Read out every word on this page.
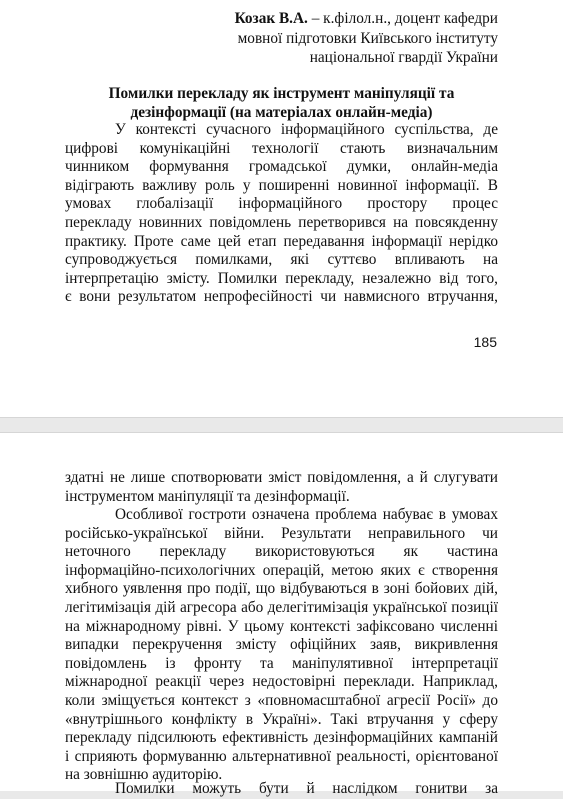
Козак В.А. – к.філол.н., доцент кафедри
мовної підготовки Київського інституту
національної гвардії України
Помилки перекладу як інструмент маніпуляції та
дезінформації (на матеріалах онлайн-медіа)
У контексті сучасного інформаційного суспільства, де
цифрові комунікаційні технології стають визначальним
чинником формування громадської думки, онлайн-медіа
відіграють важливу роль у поширенні новинної інформації. В
умовах глобалізації інформаційного простору процес
перекладу новинних повідомлень перетворився на повсякденну
практику. Проте саме цей етап передавання інформації нерідко
супроводжується помилками, які суттєво впливають на
інтерпретацію змісту. Помилки перекладу, незалежно від того,
є вони результатом непрофесійності чи навмисного втручання,
185
здатні не лише спотворювати зміст повідомлення, а й слугувати
інструментом маніпуляції та дезінформації.
Особливої гостроти означена проблема набуває в умовах
російсько-української війни. Результати неправильного чи
неточного перекладу використовуються як частина
інформаційно-психологічних операцій, метою яких є створення
хибного уявлення про події, що відбуваються в зоні бойових дій,
легітимізація дій агресора або делегітимізація української позиції
на міжнародному рівні. У цьому контексті зафіксовано численні
випадки перекручення змісту офіційних заяв, викривлення
повідомлень із фронту та маніпулятивної інтерпретації
міжнародної реакції через недостовірні переклади. Наприклад,
коли зміщується контекст з «повномасштабної агресії Росії» до
«внутрішнього конфлікту в Україні». Такі втручання у сферу
перекладу підсилюють ефективність дезінформаційних кампаній
і сприяють формуванню альтернативної реальності, орієнтованої
на зовнішню аудиторію.
Помилки можуть бути й наслідком гонитви за
